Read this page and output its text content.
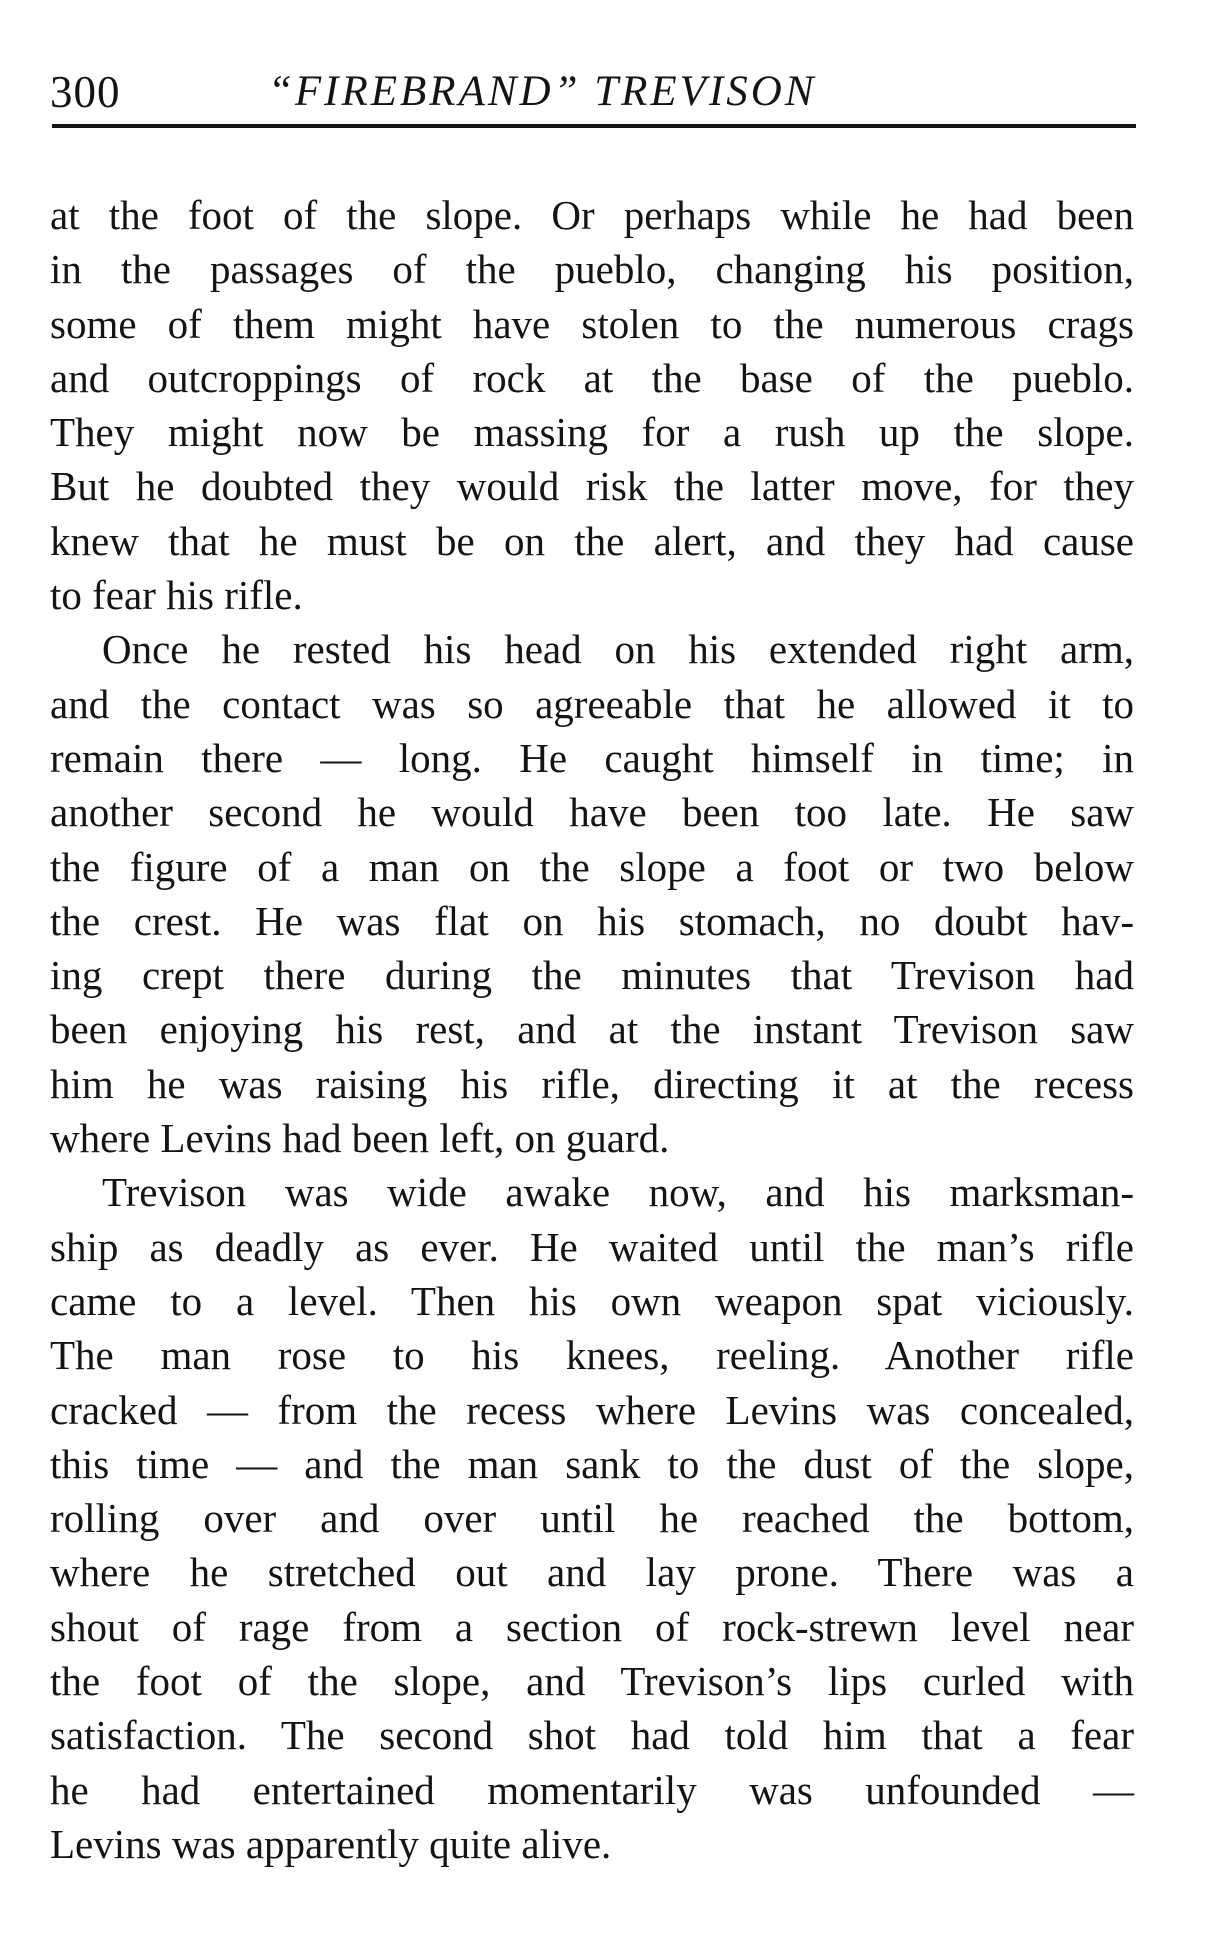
300	“FIREBRAND” TREVISON
at the foot of the slope. Or perhaps while he had been
in the passages of the pueblo, changing his position,
some of them might have stolen to the numerous crags
and outcroppings of rock at the base of the pueblo.
They might now be massing for a rush up the slope.
But he doubted they would risk the latter move, for they
knew that he must be on the alert, and they had cause
to fear his rifle.
Once he rested his head on his extended right arm,
and the contact was so agreeable that he allowed it to
remain there — long. He caught himself in time; in
another second he would have been too late. He saw
the figure of a man on the slope a foot or two below
the crest. He was flat on his stomach, no doubt hav-
ing crept there during the minutes that Trevison had
been enjoying his rest, and at the instant Trevison saw
him he was raising his rifle, directing it at the recess
where Levins had been left, on guard.
Trevison was wide awake now, and his marksman-
ship as deadly as ever. He waited until the man’s rifle
came to a level. Then his own weapon spat viciously.
The man rose to his knees, reeling. Another rifle
cracked — from the recess where Levins was concealed,
this time — and the man sank to the dust of the slope,
rolling over and over until he reached the bottom,
where he stretched out and lay prone. There was a
shout of rage from a section of rock-strewn level near
the foot of the slope, and Trevison’s lips curled with
satisfaction. The second shot had told him that a fear
he had entertained momentarily was unfounded —
Levins was apparently quite alive.
